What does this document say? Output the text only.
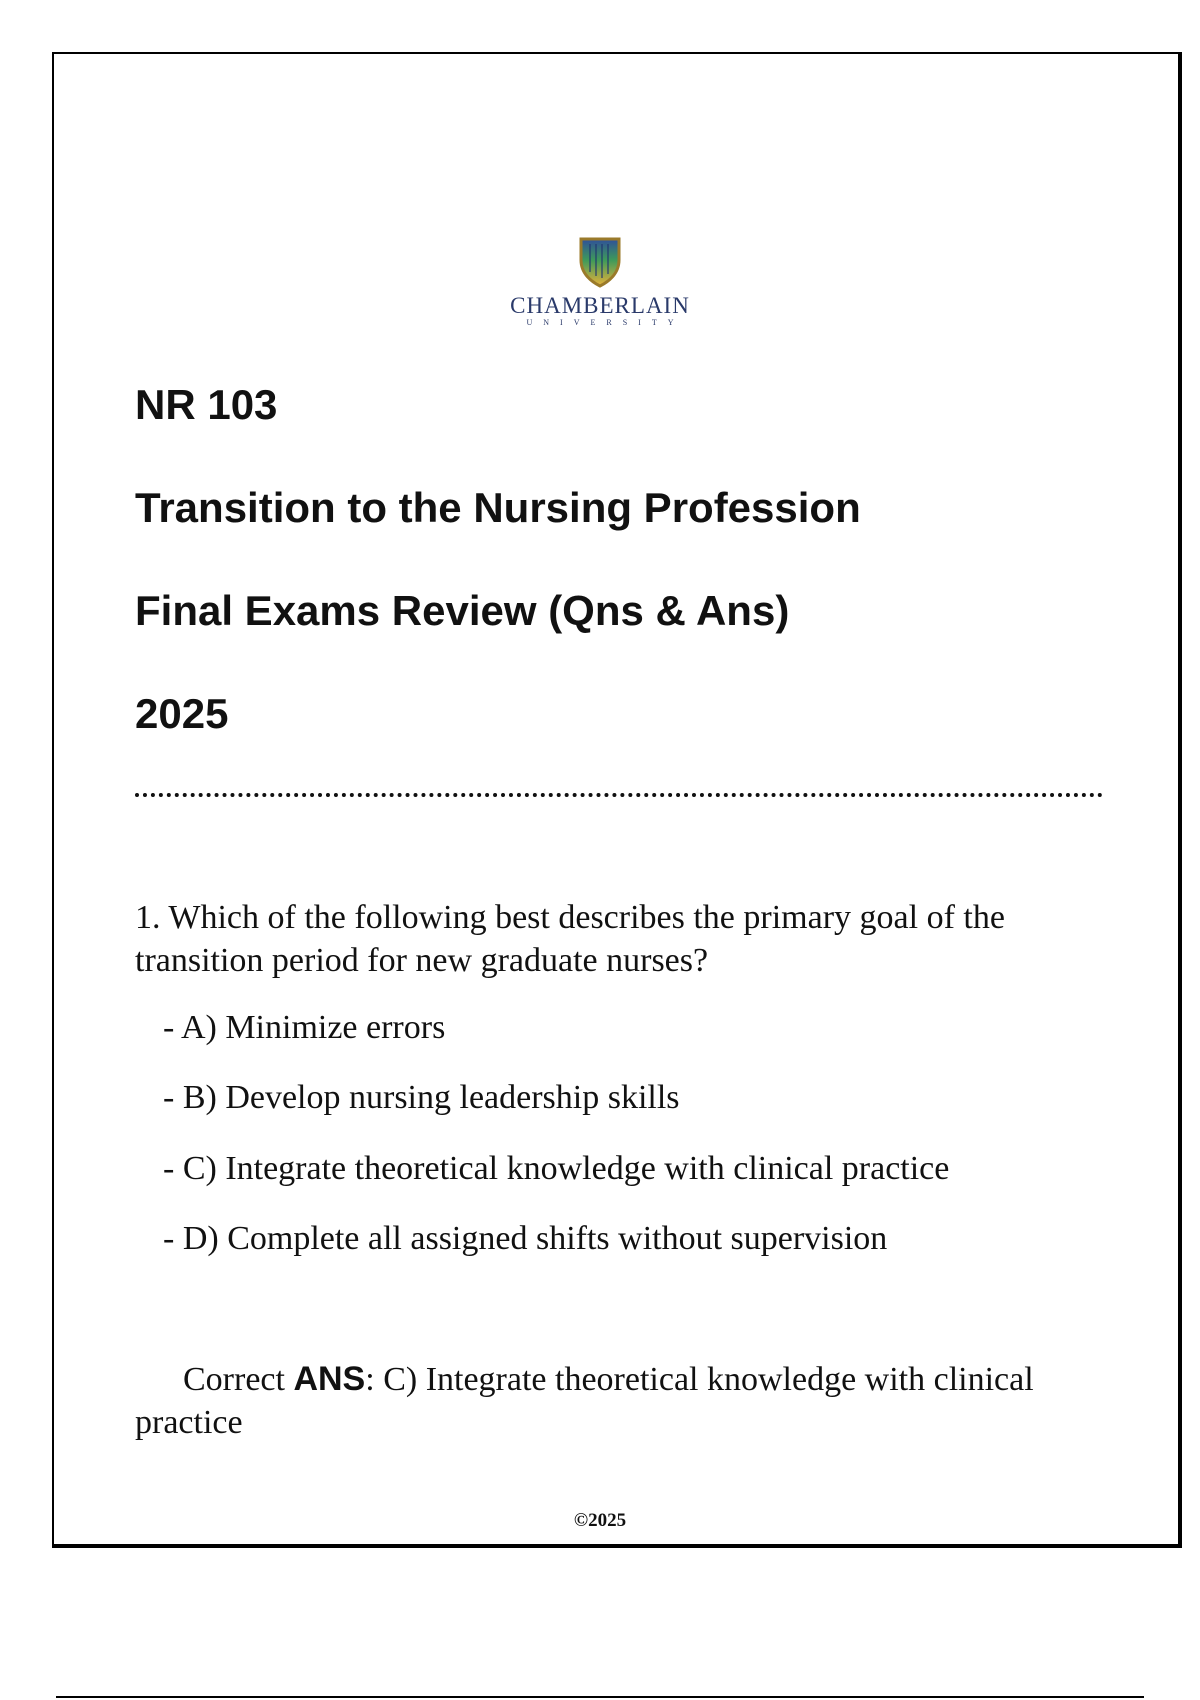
CHAMBERLAIN
UNIVERSITY
NR 103
Transition to the Nursing Profession
Final Exams Review (Qns & Ans)
2025

1. Which of the following best describes the primary goal of the transition period for new graduate nurses?

- A) Minimize errors

- B) Develop nursing leadership skills

- C) Integrate theoretical knowledge with clinical practice

- D) Complete all assigned shifts without supervision

Correct ANS: C) Integrate theoretical knowledge with clinical practice

©2025
